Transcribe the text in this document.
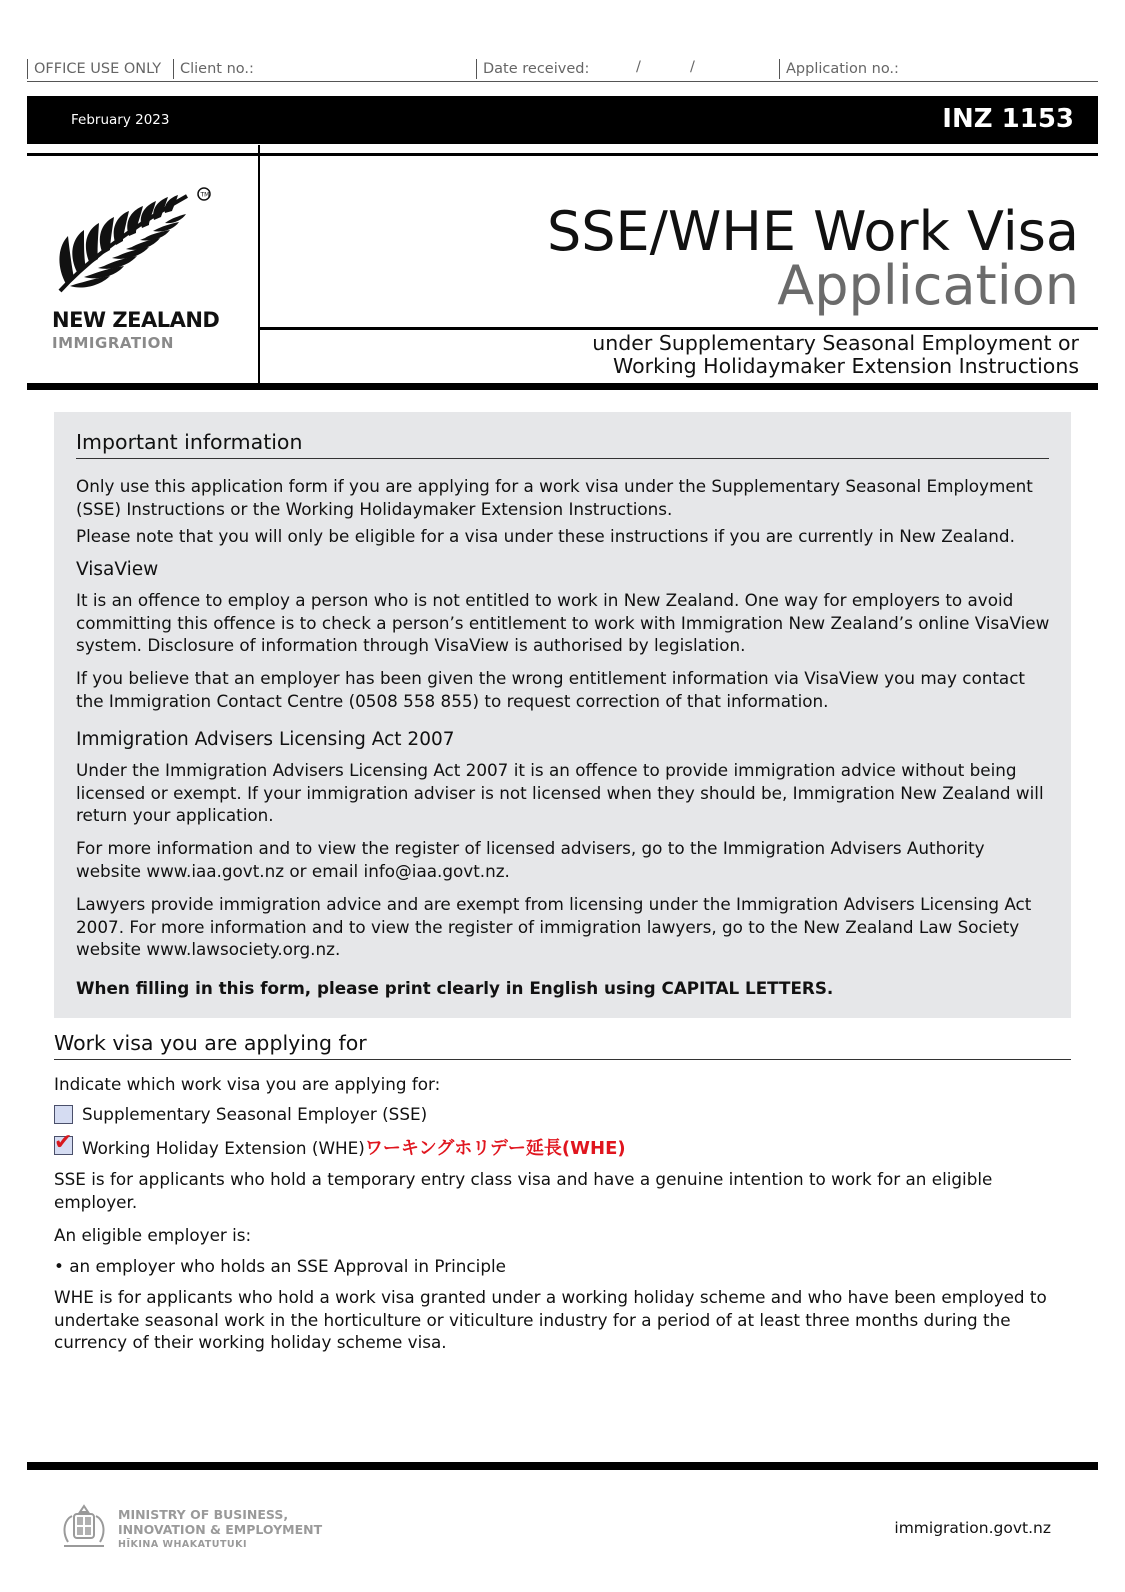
OFFICE USE ONLY	Client no.:	Date received:	/	/	Application no.:
February 2023	INZ 1153
TM
NEW ZEALAND
IMMIGRATION
SSE/WHE Work Visa
Application
under Supplementary Seasonal Employment or
Working Holidaymaker Extension Instructions
Important information
Only use this application form if you are applying for a work visa under the Supplementary Seasonal Employment (SSE) Instructions or the Working Holidaymaker Extension Instructions.
Please note that you will only be eligible for a visa under these instructions if you are currently in New Zealand.
VisaView
It is an offence to employ a person who is not entitled to work in New Zealand. One way for employers to avoid committing this offence is to check a person’s entitlement to work with Immigration New Zealand’s online VisaView system. Disclosure of information through VisaView is authorised by legislation.
If you believe that an employer has been given the wrong entitlement information via VisaView you may contact the Immigration Contact Centre (0508 558 855) to request correction of that information.
Immigration Advisers Licensing Act 2007
Under the Immigration Advisers Licensing Act 2007 it is an offence to provide immigration advice without being licensed or exempt. If your immigration adviser is not licensed when they should be, Immigration New Zealand will return your application.
For more information and to view the register of licensed advisers, go to the Immigration Advisers Authority website www.iaa.govt.nz or email info@iaa.govt.nz.
Lawyers provide immigration advice and are exempt from licensing under the Immigration Advisers Licensing Act 2007. For more information and to view the register of immigration lawyers, go to the New Zealand Law Society website www.lawsociety.org.nz.
When filling in this form, please print clearly in English using CAPITAL LETTERS.
Work visa you are applying for
Indicate which work visa you are applying for:
Supplementary Seasonal Employer (SSE)
✔ Working Holiday Extension (WHE)ワーキングホリデー延長(WHE)
SSE is for applicants who hold a temporary entry class visa and have a genuine intention to work for an eligible employer.
An eligible employer is:
• an employer who holds an SSE Approval in Principle
WHE is for applicants who hold a work visa granted under a working holiday scheme and who have been employed to undertake seasonal work in the horticulture or viticulture industry for a period of at least three months during the currency of their working holiday scheme visa.
MINISTRY OF BUSINESS,
INNOVATION & EMPLOYMENT
HĪKINA WHAKATUTUKI
immigration.govt.nz
